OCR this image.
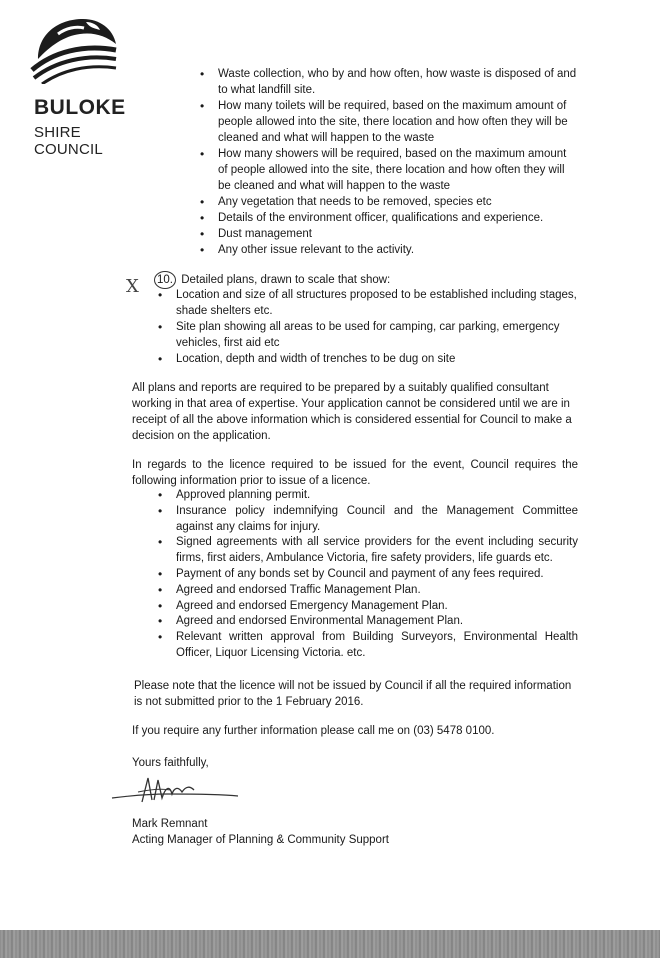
BULOKE
SHIRE COUNCIL
• Waste collection, who by and how often, how waste is disposed of and to what landfill site.
• How many toilets will be required, based on the maximum amount of people allowed into the site, there location and how often they will be cleaned and what will happen to the waste
• How many showers will be required, based on the maximum amount of people allowed into the site, there location and how often they will be cleaned and what will happen to the waste
• Any vegetation that needs to be removed, species etc
• Details of the environment officer, qualifications and experience.
• Dust management
• Any other issue relevant to the activity.
X 10. Detailed plans, drawn to scale that show:
• Location and size of all structures proposed to be established including stages, shade shelters etc.
• Site plan showing all areas to be used for camping, car parking, emergency vehicles, first aid etc
• Location, depth and width of trenches to be dug on site
All plans and reports are required to be prepared by a suitably qualified consultant working in that area of expertise. Your application cannot be considered until we are in receipt of all the above information which is considered essential for Council to make a decision on the application.
In regards to the licence required to be issued for the event, Council requires the following information prior to issue of a licence.
• Approved planning permit.
• Insurance policy indemnifying Council and the Management Committee against any claims for injury.
• Signed agreements with all service providers for the event including security firms, first aiders, Ambulance Victoria, fire safety providers, life guards etc.
• Payment of any bonds set by Council and payment of any fees required.
• Agreed and endorsed Traffic Management Plan.
• Agreed and endorsed Emergency Management Plan.
• Agreed and endorsed Environmental Management Plan.
• Relevant written approval from Building Surveyors, Environmental Health Officer, Liquor Licensing Victoria. etc.
Please note that the licence will not be issued by Council if all the required information is not submitted prior to the 1 February 2016.
If you require any further information please call me on (03) 5478 0100.
Yours faithfully,
Mark Remnant
Acting Manager of Planning & Community Support
